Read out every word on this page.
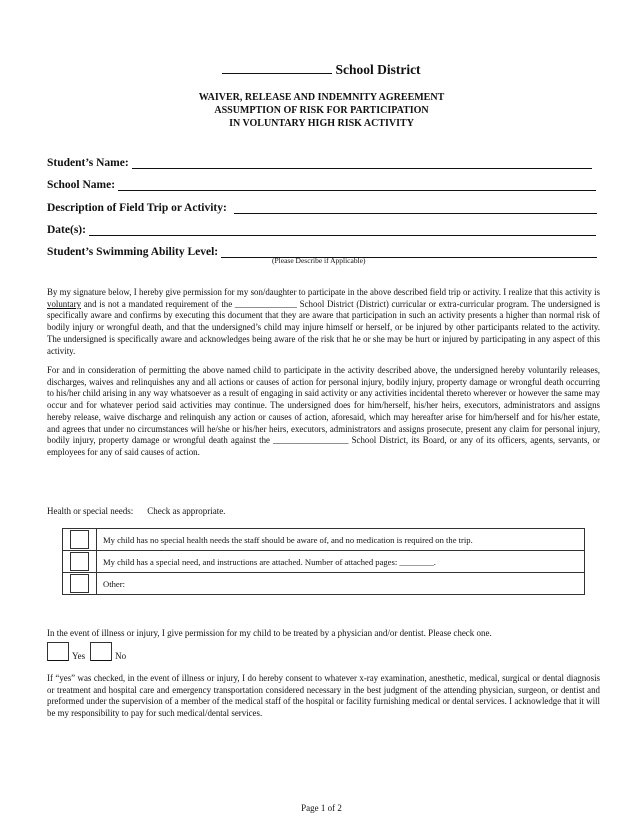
School District
WAIVER, RELEASE AND INDEMNITY AGREEMENT
ASSUMPTION OF RISK FOR PARTICIPATION
IN VOLUNTARY HIGH RISK ACTIVITY
Student’s Name:
School Name:
Description of Field Trip or Activity:
Date(s):
Student’s Swimming Ability Level:
(Please Describe if Applicable)

By my signature below, I hereby give permission for my son/daughter to participate in the above described field trip or activity. I realize that this activity is voluntary and is not a mandated requirement of the ______________ School District (District) curricular or extra-curricular program. The undersigned is specifically aware and confirms by executing this document that they are aware that participation in such an activity presents a higher than normal risk of bodily injury or wrongful death, and that the undersigned’s child may injure himself or herself, or be injured by other participants related to the activity. The undersigned is specifically aware and acknowledges being aware of the risk that he or she may be hurt or injured by participating in any aspect of this activity.

For and in consideration of permitting the above named child to participate in the activity described above, the undersigned hereby voluntarily releases, discharges, waives and relinquishes any and all actions or causes of action for personal injury, bodily injury, property damage or wrongful death occurring to his/her child arising in any way whatsoever as a result of engaging in said activity or any activities incidental thereto wherever or however the same may occur and for whatever period said activities may continue. The undersigned does for him/herself, his/her heirs, executors, administrators and assigns hereby release, waive discharge and relinquish any action or causes of action, aforesaid, which may hereafter arise for him/herself and for his/her estate, and agrees that under no circumstances will he/she or his/her heirs, executors, administrators and assigns prosecute, present any claim for personal injury, bodily injury, property damage or wrongful death against the _________________ School District, its Board, or any of its officers, agents, servants, or employees for any of said causes of action.

Health or special needs: Check as appropriate.
	My child has no special health needs the staff should be aware of, and no medication is required on the trip.
	My child has a special need, and instructions are attached. Number of attached pages: ________.
	Other:
In the event of illness or injury, I give permission for my child to be treated by a physician and/or dentist. Please check one.
Yes	No

If “yes” was checked, in the event of illness or injury, I do hereby consent to whatever x-ray examination, anesthetic, medical, surgical or dental diagnosis or treatment and hospital care and emergency transportation considered necessary in the best judgment of the attending physician, surgeon, or dentist and preformed under the supervision of a member of the medical staff of the hospital or facility furnishing medical or dental services. I acknowledge that it will be my responsibility to pay for such medical/dental services.

Page 1 of 2
